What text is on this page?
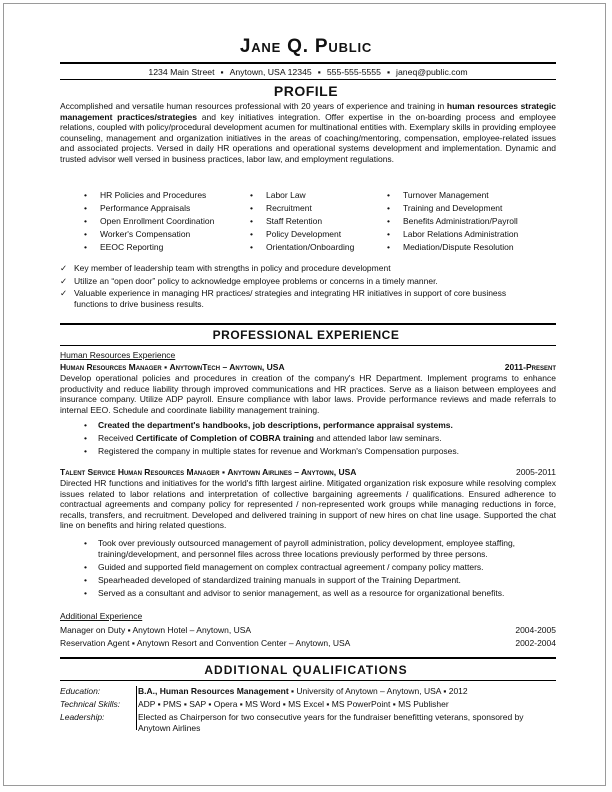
Jane Q. Public
1234 Main Street ▪ Anytown, USA 12345 ▪ 555-555-5555 ▪ janeq@public.com
PROFILE
Accomplished and versatile human resources professional with 20 years of experience and training in human resources strategic management practices/strategies and key initiatives integration. Offer expertise in the on-boarding process and employee relations, coupled with policy/procedural development acumen for multinational entities with. Exemplary skills in providing employee counseling, management and organization initiatives in the areas of coaching/mentoring, compensation, employee-related issues and associated projects. Versed in daily HR operations and operational systems development and implementation. Dynamic and trusted advisor well versed in business practices, labor law, and employment regulations.
• HR Policies and Procedures
• Performance Appraisals
• Open Enrollment Coordination
• Worker's Compensation
• EEOC Reporting
• Labor Law
• Recruitment
• Staff Retention
• Policy Development
• Orientation/Onboarding
• Turnover Management
• Training and Development
• Benefits Administration/Payroll
• Labor Relations Administration
• Mediation/Dispute Resolution
✓ Key member of leadership team with strengths in policy and procedure development
✓ Utilize an “open door” policy to acknowledge employee problems or concerns in a timely manner.
✓ Valuable experience in managing HR practices/ strategies and integrating HR initiatives in support of core business functions to drive business results.
PROFESSIONAL EXPERIENCE
Human Resources Experience
Human Resources Manager ▪ AnytownTech – Anytown, USA	2011-Present
Develop operational policies and procedures in creation of the company's HR Department. Implement programs to enhance productivity and reduce liability through improved communications and HR practices. Serve as a liaison between employees and insurance company. Utilize ADP payroll. Ensure compliance with labor laws. Provide performance reviews and made referrals to internal EEO. Schedule and coordinate liability management training.
• Created the department's handbooks, job descriptions, performance appraisal systems.
• Received Certificate of Completion of COBRA training and attended labor law seminars.
• Registered the company in multiple states for revenue and Workman's Compensation purposes.
Talent Service Human Resources Manager ▪ Anytown Airlines – Anytown, USA	2005-2011
Directed HR functions and initiatives for the world's fifth largest airline. Mitigated organization risk exposure while resolving complex issues related to labor relations and interpretation of collective bargaining agreements / qualifications. Ensured adherence to contractual agreements and company policy for represented / non-represented work groups while managing reductions in force, recalls, transfers, and recruitment. Developed and delivered training in support of new hires on chat line usage. Supported the chat line on benefits and hiring related questions.
• Took over previously outsourced management of payroll administration, policy development, employee staffing, training/development, and personnel files across three locations previously performed by three persons.
• Guided and supported field management on complex contractual agreement / company policy matters.
• Spearheaded developed of standardized training manuals in support of the Training Department.
• Served as a consultant and advisor to senior management, as well as a resource for organizational benefits.
Additional Experience
Manager on Duty ▪ Anytown Hotel – Anytown, USA	2004-2005
Reservation Agent ▪ Anytown Resort and Convention Center – Anytown, USA	2002-2004
ADDITIONAL QUALIFICATIONS
Education:	B.A., Human Resources Management ▪ University of Anytown – Anytown, USA ▪ 2012
Technical Skills:	ADP ▪ PMS ▪ SAP ▪ Opera ▪ MS Word ▪ MS Excel ▪ MS PowerPoint ▪ MS Publisher
Leadership:	Elected as Chairperson for two consecutive years for the fundraiser benefitting veterans, sponsored by Anytown Airlines
